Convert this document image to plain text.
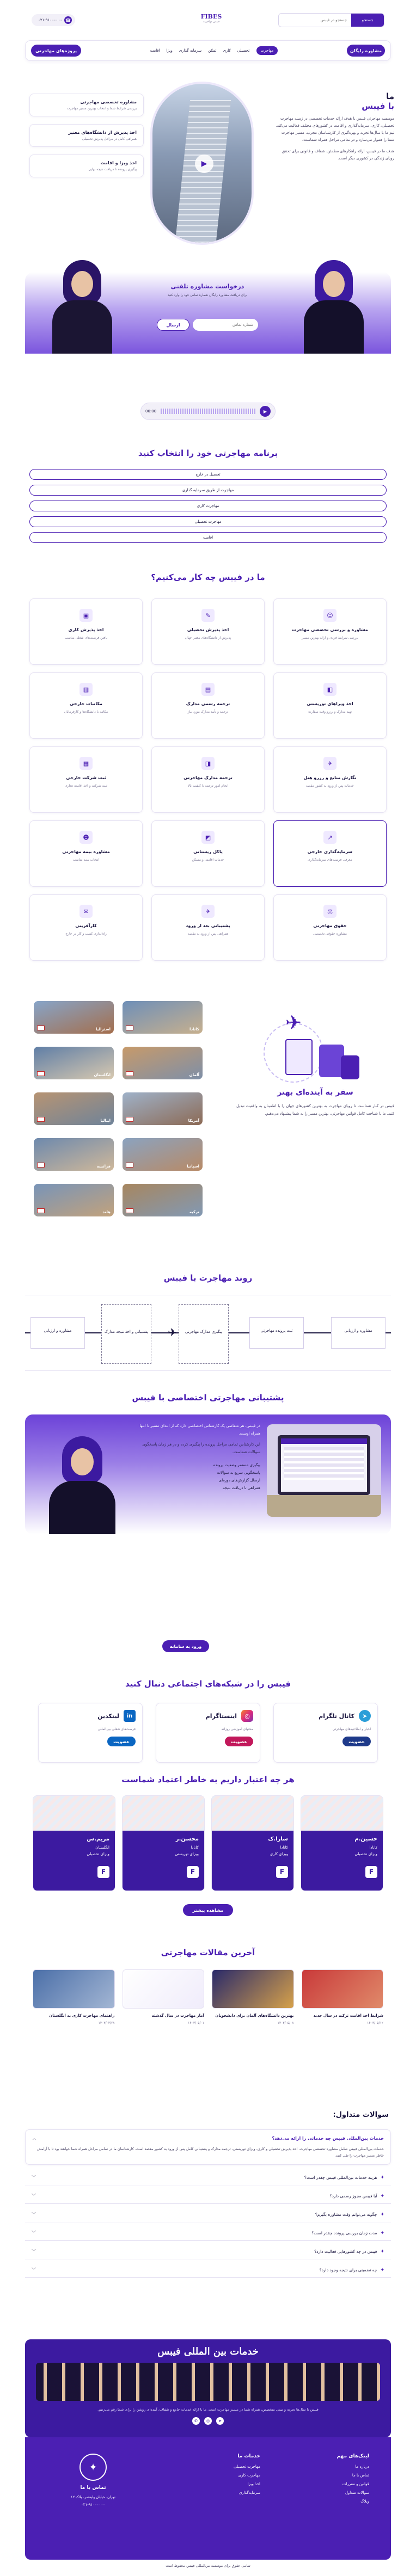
☎
۰۲۱-۹۱۰۰۰۰۰۰	FIBES
فیبس مهاجرت	جستجو
جستجو در فیبس
مشاوره رایگان
مهاجرت
تحصیلی
کاری
تمکن
سرمایه گذاری
ویزا
اقامت
پروژه‌های مهاجرتی
ما
با فیبس

موسسه مهاجرتی فیبس با هدف ارائه خدمات تخصصی در زمینه مهاجرت تحصیلی، کاری، سرمایه‌گذاری و اقامت در کشورهای مختلف فعالیت می‌کند. تیم ما با سال‌ها تجربه و بهره‌گیری از کارشناسان مجرب، مسیر مهاجرت شما را هموار می‌سازد و در تمامی مراحل همراه شماست.

هدف ما در فیبس، ارائه راهکارهای مطمئن، شفاف و قانونی برای تحقق رویای زندگی در کشوری دیگر است.

▶
مشاوره تخصصی مهاجرتی
بررسی شرایط شما و انتخاب بهترین مسیر مهاجرت
اخذ پذیرش از دانشگاه‌های معتبر
همراهی کامل در مراحل پذیرش تحصیلی
اخذ ویزا و اقامت
پیگیری پرونده تا دریافت نتیجه نهایی
درخواست مشاوره تلفنی
برای دریافت مشاوره رایگان شماره تماس خود را وارد کنید
شماره تماس
ارسال
▶
00:00
برنامه مهاجرتی خود را انتخاب کنید
تحصیل در خارج
مهاجرت از طریق سرمایه گذاری
مهاجرت کاری
مهاجرت تحصیلی
اقامت
ما در فیبس چه کار می‌کنیم؟
☺
مشاوره و بررسی تخصصی مهاجرت
بررسی شرایط فردی و ارائه بهترین مسیر
✎
اخذ پذیرش تحصیلی
پذیرش از دانشگاه‌های معتبر جهان
▣
اخذ پذیرش کاری
یافتن فرصت‌های شغلی مناسب
◧
اخذ ویزاهای توریستی
تهیه مدارک و رزرو وقت سفارت
▤
ترجمه رسمی مدارک
ترجمه و تأیید مدارک مورد نیاز
▥
مکاتبات خارجی
مکاتبه با دانشگاه‌ها و کارفرمایان
✈
نگارش منابع و رزرو هتل
خدمات پس از ورود به کشور مقصد
◨
ترجمه مدارک مهاجرتی
انجام امور ترجمه با کیفیت بالا
▦
ثبت شرکت خارجی
ثبت شرکت و اخذ اقامت تجاری
↗
سرمایه‌گذاری خارجی
معرفی فرصت‌های سرمایه‌گذاری
◩
پاکل ریستانی
خدمات اقامتی و مسکن
☻
مشاوره بیمه مهاجرتی
انتخاب بیمه مناسب
⚖
حقوق مهاجرتی
مشاوره حقوقی تخصصی
✈
پشتیبانی بعد از ورود
همراهی پس از ورود به مقصد
✉
کارآفرینی
راه‌اندازی کسب و کار در خارج
✈
سفر به آینده‌ای بهتر

فیبس در کنار شماست تا رویای مهاجرت به بهترین کشورهای جهان را با اطمینان به واقعیت تبدیل کنید. ما با شناخت کامل قوانین مهاجرتی، بهترین مسیر را به شما پیشنهاد می‌دهیم.

کانادا
استرالیا
آلمان
انگلستان
آمریکا
ایتالیا
اسپانیا
فرانسه
ترکیه
هلند
روند مهاجرت با فیبس
✈	مشاوره و ارزیابی
ثبت پرونده مهاجرتی
پیگیری مدارک مهاجرتی
پشتیبانی و اخذ نتیجه مدارک
مشاوره و ارزیابی
پشتیبانی مهاجرتی اختصاصی با فیبس

در فیبس، هر متقاضی یک کارشناس اختصاصی دارد که از ابتدای مسیر تا انتها همراه اوست.

این کارشناس تمامی مراحل پرونده را پیگیری کرده و در هر زمان پاسخگوی سوالات شماست.

پیگیری مستمر وضعیت پرونده
پاسخگویی سریع به سوالات
ارسال گزارش‌های دوره‌ای
همراهی تا دریافت نتیجه
ورود به سامانه
فیبس را در شبکه‌های اجتماعی دنبال کنید
➤
کانال تلگرام
اخبار و اطلاعیه‌های مهاجرتی
عضویت
◎
اینستاگرام
محتوای آموزشی روزانه
عضویت
in
لینکدین
فرصت‌های شغلی بین‌المللی
عضویت
هر چه اعتبار داریم به خاطر اعتماد شماست
حسین.م
کانادا
ویزای تحصیلی
F
سارا.ک
کانادا
ویزای کاری
F
محسن.ر
کانادا
ویزای توریستی
F
مریم.س
انگلستان
ویزای تحصیلی
F
مشاهده بیشتر
آخرین مقالات مهاجرتی
شرایط اخذ اقامت ترکیه در سال جدید
۱۴۰۳/۰۵/۱۲
بهترین دانشگاه‌های آلمان برای دانشجویان
۱۴۰۳/۰۵/۰۸
آمار مهاجرت در سال گذشته
۱۴۰۳/۰۵/۰۱
راهنمای مهاجرت کاری به انگلستان
۱۴۰۳/۰۴/۲۸
سوالات متداول:
خدمات بین‌المللی فیبس چه خدماتی را ارائه می‌دهد؟
︿

خدمات بین‌المللی فیبس شامل مشاوره تخصصی مهاجرت، اخذ پذیرش تحصیلی و کاری، ویزای توریستی، ترجمه مدارک و پشتیبانی کامل پس از ورود به کشور مقصد است. کارشناسان ما در تمامی مراحل همراه شما خواهند بود تا با آرامش خاطر مسیر مهاجرت را طی کنید.

✦
هزینه خدمات بین‌المللی فیبس چقدر است؟
﹀
✦
آیا فیبس مجوز رسمی دارد؟
﹀
✦
چگونه می‌توانم وقت مشاوره بگیرم؟
﹀
✦
مدت زمان بررسی پرونده چقدر است؟
﹀
✦
فیبس در چه کشورهایی فعالیت دارد؟
﹀
✦
چه تضمینی برای نتیجه وجود دارد؟
﹀
خدمات بین المللی فیبس

فیبس با سال‌ها تجربه و تیمی متخصص، همراه شما در مسیر مهاجرت است. ما با ارائه خدمات جامع و شفاف، آینده‌ای روشن را برای شما رقم می‌زنیم.

➤
◎
✆
لینک‌های مهم
درباره ما
تماس با ما
قوانین و مقررات
سوالات متداول
وبلاگ
خدمات ما
مهاجرت تحصیلی
مهاجرت کاری
اخذ ویزا
سرمایه‌گذاری
✦
تماس با ما
تهران، خیابان ولیعصر، پلاک ۱۲
۰۲۱-۹۱۰۰۰۰۰۰
تمامی حقوق برای موسسه بین‌المللی فیبس محفوظ است
